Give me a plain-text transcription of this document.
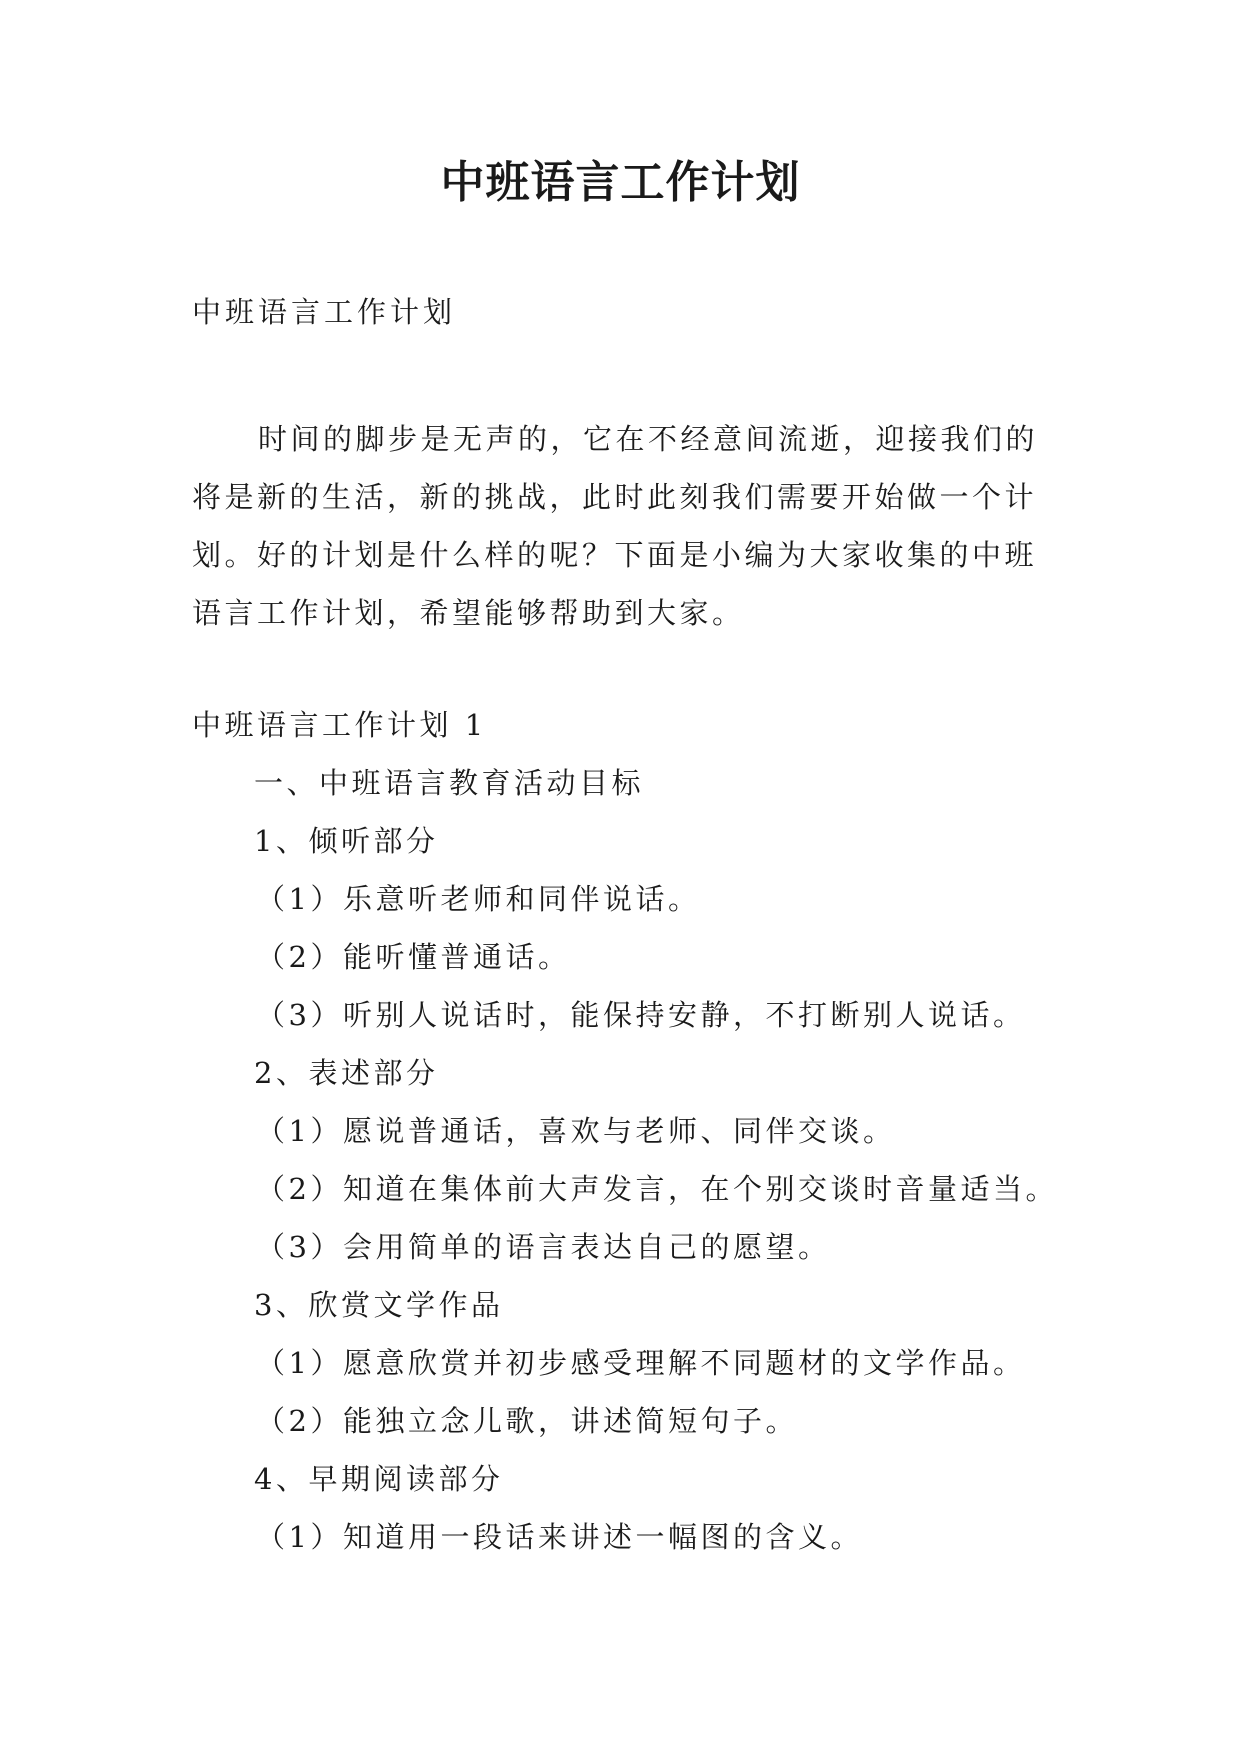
中班语言工作计划
中班语言工作计划

时间的脚步是无声的，它在不经意间流逝，迎接我们的

将是新的生活，新的挑战，此时此刻我们需要开始做一个计

划。好的计划是什么样的呢？下面是小编为大家收集的中班

语言工作计划，希望能够帮助到大家。

中班语言工作计划 1

一、中班语言教育活动目标

1、倾听部分

（1）乐意听老师和同伴说话。

（2）能听懂普通话。

（3）听别人说话时，能保持安静，不打断别人说话。

2、表述部分

（1）愿说普通话，喜欢与老师、同伴交谈。

（2）知道在集体前大声发言，在个别交谈时音量适当。

（3）会用简单的语言表达自己的愿望。

3、欣赏文学作品

（1）愿意欣赏并初步感受理解不同题材的文学作品。

（2）能独立念儿歌，讲述简短句子。

4、早期阅读部分

（1）知道用一段话来讲述一幅图的含义。
